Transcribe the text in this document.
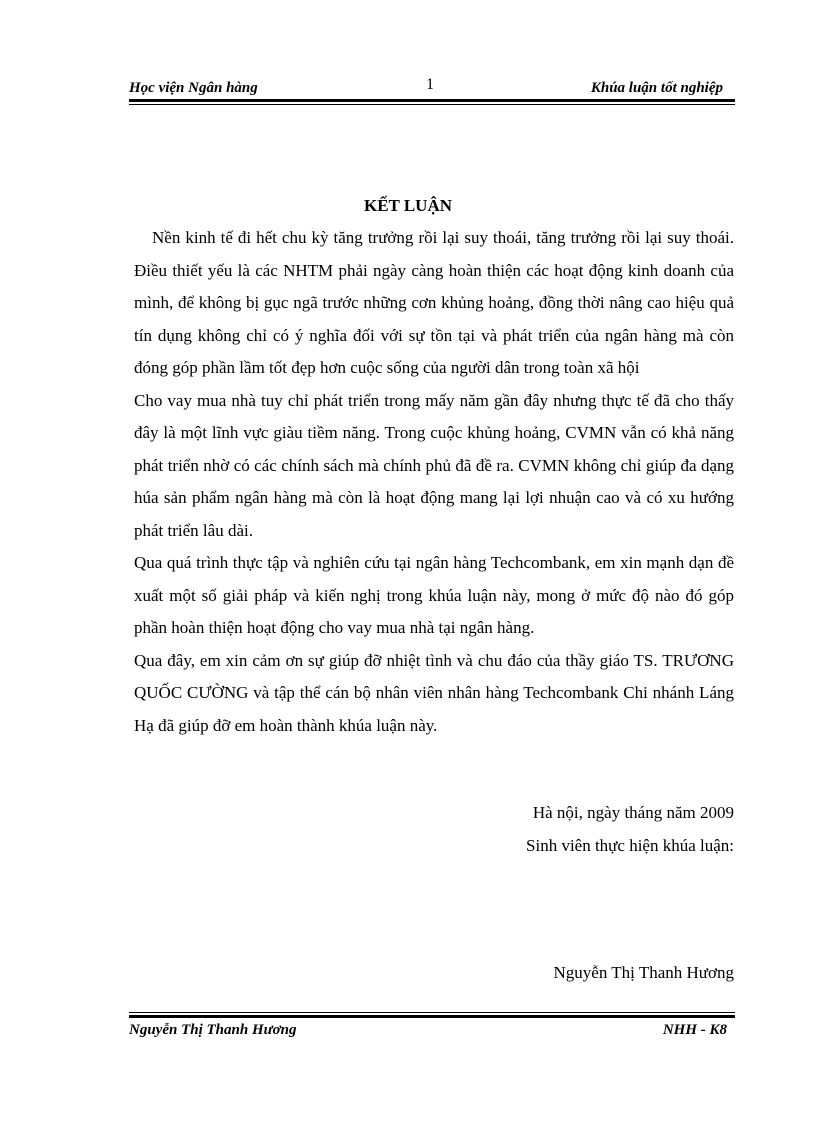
Học viện Ngân hàng	1	Khúa luận tốt nghiệp
KẾT LUẬN

Nền kinh tế đi hết chu kỳ tăng trưởng rồi lại suy thoái, tăng trưởng rồi lại suy thoái. Điều thiết yếu là các NHTM phải ngày càng hoàn thiện các hoạt động kinh doanh của mình, để không bị gục ngã trước những cơn khủng hoảng, đồng thời nâng cao hiệu quả tín dụng không chỉ có ý nghĩa đối với sự tồn tại và phát triển của ngân hàng mà còn đóng góp phần lầm tốt đẹp hơn cuộc sống của người dân trong toàn xã hội

Cho vay mua nhà tuy chỉ phát triển trong mấy năm gần đây nhưng thực tế đã cho thấy đây là một lĩnh vực giàu tiềm năng. Trong cuộc khủng hoảng, CVMN vẫn có khả năng phát triển nhờ có các chính sách mà chính phủ đã đề ra. CVMN không chỉ giúp đa dạng húa sản phẩm ngân hàng mà còn là hoạt động mang lại lợi nhuận cao và có xu hướng phát triển lâu dài.

Qua quá trình thực tập và nghiên cứu tại ngân hàng Techcombank, em xin mạnh dạn đề xuất một số giải pháp và kiến nghị trong khúa luận này, mong ở mức độ nào đó góp phần hoàn thiện hoạt động cho vay mua nhà tại ngân hàng.

Qua đây, em xin cảm ơn sự giúp đỡ nhiệt tình và chu đáo của thầy giáo TS. TRƯƠNG QUỐC CƯỜNG và tập thể cán bộ nhân viên nhân hàng Techcombank Chi nhánh Láng Hạ đã giúp đỡ em hoàn thành khúa luận này.

Hà nội, ngày tháng năm 2009
Sinh viên thực hiện khúa luận:
Nguyễn Thị Thanh Hương
Nguyễn Thị Thanh Hương	NHH - K8
